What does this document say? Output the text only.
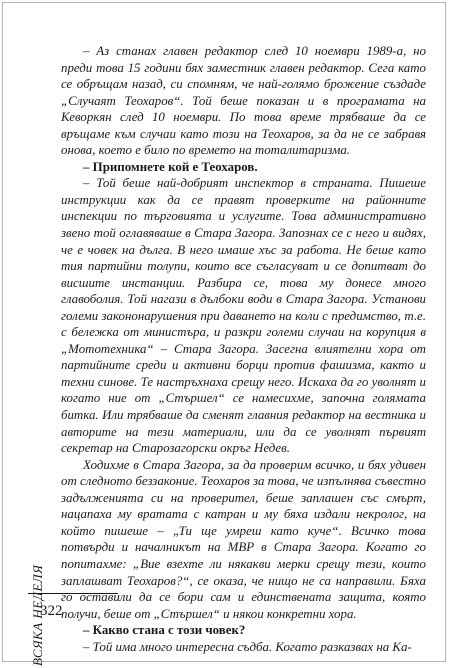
– Аз станах главен редактор след 10 ноември 1989-а, но преди това 15 години бях заместник главен редактор. Сега като се обръщам назад, си спомням, че най-голямо брожение създаде „Случаят Теохаров“. Той беше показан и в програмата на Кеворкян след 10 ноември. По това време трябваше да се връщаме към случаи като този на Теохаров, за да не се забравя онова, което е било по времето на тоталитаризма.

– Припомнете кой е Теохаров.

– Той беше най-добрият инспектор в страната. Пишеше инструкции как да се правят проверките на районните инспекции по търговията и услугите. Това административно звено той оглавяваше в Стара Загора. Запознах се с него и видях, че е човек на дълга. В него имаше хъс за работа. Не беше като тия партийни толупи, които все съгласуват и се допитват до висшите инстанции. Разбира се, това му донесе много главоболия. Той нагази в дълбоки води в Стара Загора. Установи големи закононарушения при даването на коли с предимство, т.е. с бележка от министъра, и разкри големи случаи на корупция в „Мототехника“ – Стара Загора. Засегна влиятелни хора от партийните среди и активни борци против фашизма, както и техни синове. Те настръхнаха срещу него. Искаха да го уволнят и когато ние от „Стършел“ се намесихме, започна голямата битка. Или трябваше да сменят главния редактор на вестника и авторите на тези материали, или да се уволнят първият секретар на Старозагорски окръг Недев.

Ходихме в Стара Загора, за да проверим всичко, и бях удивен от следното беззаконие. Теохаров за това, че изпълнява съвестно задълженията си на проверител, беше заплашен със смърт, нацапаха му вратата с катран и му бяха издали некролог, на който пишеше – „Ти ще умреш като куче“. Всичко това потвърди и началникът на МВР в Стара Загора. Когато го попитахме: „Вие взехте ли някакви мерки срещу тези, които заплашват Теохаров?“, се оказа, че нищо не са направили. Бяха го оставили да се бори сам и единствената защита, която получи, беше от „Стършел“ и някои конкретни хора.

– Какво стана с този човек?

– Той има много интересна съдба. Когато разказвах на Ка-

ВСЯКА НЕДЕЛЯ
322
